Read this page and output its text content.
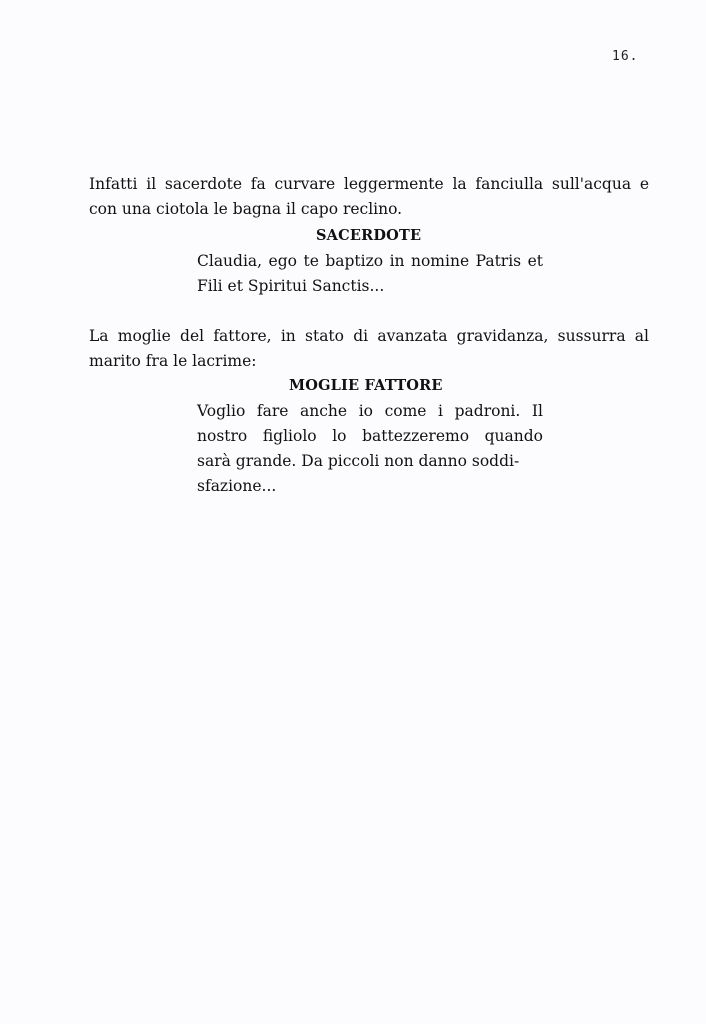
16.
Infatti il sacerdote fa curvare leggermente la fanciulla sull'acqua e
con una ciotola le bagna il capo reclino.
SACERDOTE
Claudia, ego te baptizo in nomine Patris et
Fili et Spiritui Sanctis...
La moglie del fattore, in stato di avanzata gravidanza, sussurra al
marito fra le lacrime:
MOGLIE FATTORE
Voglio fare anche io come i padroni. Il
nostro figliolo lo battezzeremo quando
sarà grande. Da piccoli non danno soddi-
sfazione...
